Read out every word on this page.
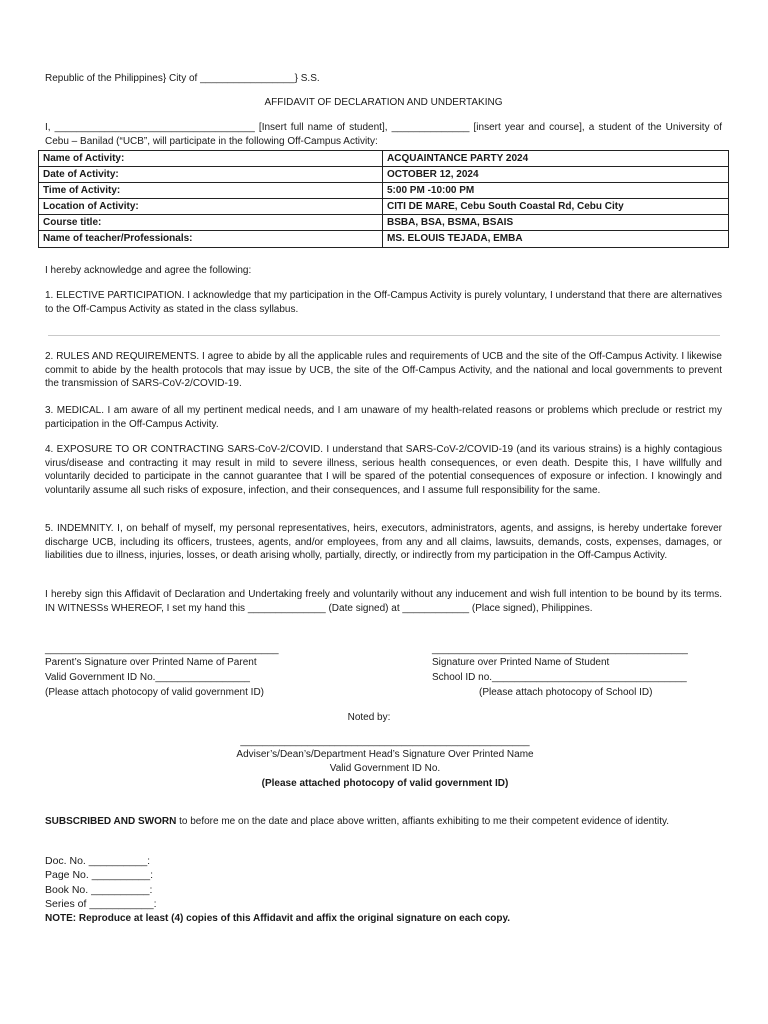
Republic of the Philippines} City of _________________} S.S.
AFFIDAVIT OF DECLARATION AND UNDERTAKING
I, ____________________________________ [Insert full name of student], ______________ [insert year and course], a student of the University of Cebu – Banilad (“UCB”, will participate in the following Off-Campus Activity:
Name of Activity:	ACQUAINTANCE PARTY 2024
Date of Activity:	OCTOBER 12, 2024
Time of Activity:	5:00 PM -10:00 PM
Location of Activity:	CITI DE MARE, Cebu South Coastal Rd, Cebu City
Course title:	BSBA, BSA, BSMA, BSAIS
Name of teacher/Professionals:	MS. ELOUIS TEJADA, EMBA
I hereby acknowledge and agree the following:
1. ELECTIVE PARTICIPATION. I acknowledge that my participation in the Off-Campus Activity is purely voluntary, I understand that there are alternatives to the Off-Campus Activity as stated in the class syllabus.
2. RULES AND REQUIREMENTS. I agree to abide by all the applicable rules and requirements of UCB and the site of the Off-Campus Activity. I likewise commit to abide by the health protocols that may issue by UCB, the site of the Off-Campus Activity, and the national and local governments to prevent the transmission of SARS-CoV-2/COVID-19.
3. MEDICAL. I am aware of all my pertinent medical needs, and I am unaware of my health-related reasons or problems which preclude or restrict my participation in the Off-Campus Activity.
4. EXPOSURE TO OR CONTRACTING SARS-CoV-2/COVID. I understand that SARS-CoV-2/COVID-19 (and its various strains) is a highly contagious virus/disease and contracting it may result in mild to severe illness, serious health consequences, or even death. Despite this, I have willfully and voluntarily decided to participate in the cannot guarantee that I will be spared of the potential consequences of exposure or infection. I knowingly and voluntarily assume all such risks of exposure, infection, and their consequences, and I assume full responsibility for the same.
5. INDEMNITY. I, on behalf of myself, my personal representatives, heirs, executors, administrators, agents, and assigns, is hereby undertake forever discharge UCB, including its officers, trustees, agents, and/or employees, from any and all claims, lawsuits, demands, costs, expenses, damages, or liabilities due to illness, injuries, losses, or death arising wholly, partially, directly, or indirectly from my participation in the Off-Campus Activity.
I hereby sign this Affidavit of Declaration and Undertaking freely and voluntarily without any inducement and wish full intention to be bound by its terms. IN WITNESSs WHEREOF, I set my hand this ______________ (Date signed) at ____________ (Place signed), Philippines.
__________________________________________
Parent’s Signature over Printed Name of Parent
Valid Government ID No._________________
(Please attach photocopy of valid government ID)
______________________________________________
Signature over Printed Name of Student
School ID no.___________________________________
(Please attach photocopy of School ID)
Noted by:
____________________________________________________
Adviser’s/Dean’s/Department Head’s Signature Over Printed Name
Valid Government ID No.
(Please attached photocopy of valid government ID)
SUBSCRIBED AND SWORN to before me on the date and place above written, affiants exhibiting to me their competent evidence of identity.
Doc. No. __________:
Page No. __________:
Book No. __________:
Series of ___________:
NOTE: Reproduce at least (4) copies of this Affidavit and affix the original signature on each copy.
